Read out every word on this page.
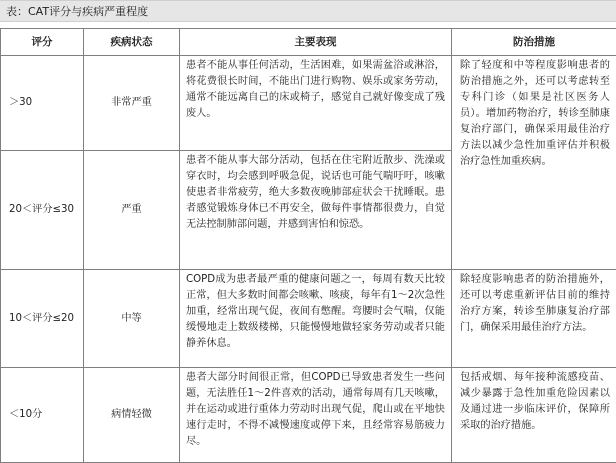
表：CAT评分与疾病严重程度
评分	疾病状态	主要表现	防治措施
＞30	非常严重	患者不能从事任何活动，生活困难，如果需盆浴或淋浴，将花费很长时间，不能出门进行购物、娱乐或家务劳动，通常不能远离自己的床或椅子，感觉自己就好像变成了残废人。	除了轻度和中等程度影响患者的防治措施之外，还可以考虑转至专科门诊（如果是社区医务人员）。增加药物治疗，转诊至肺康复治疗部门，确保采用最佳治疗方法以减少急性加重评估并积极治疗急性加重疾病。
20＜评分≤30	严重	患者不能从事大部分活动，包括在住宅附近散步、洗澡或穿衣时，均会感到呼吸急促，说话也可能气喘吁吁，咳嗽使患者非常疲劳，绝大多数夜晚肺部症状会干扰睡眠。患者感觉锻炼身体已不再安全，做每件事情都很费力，自觉无法控制肺部问题，并感到害怕和惊恐。	
10＜评分≤20	中等	COPD成为患者最严重的健康问题之一，每周有数天比较正常，但大多数时间都会咳嗽、咳痰，每年有1～2次急性加重，经常出现气促，夜间有憋醒。弯腰时会气喘，仅能缓慢地走上数级楼梯，只能慢慢地做轻家务劳动或者只能静养休息。	除轻度影响患者的防治措施外，还可以考虑重新评估目前的维持治疗方案，转诊至肺康复治疗部门，确保采用最佳治疗方法。
＜10分	病情轻微	患者大部分时间很正常，但COPD已导致患者发生一些问题，无法胜任1～2件喜欢的活动，通常每周有几天咳嗽，并在运动或进行重体力劳动时出现气促，爬山或在平地快速行走时，不得不减慢速度或停下来，且经常容易筋疲力尽。	包括戒烟、每年接种流感疫苗、减少暴露于急性加重危险因素以及通过进一步临床评价，保障所采取的治疗措施。
